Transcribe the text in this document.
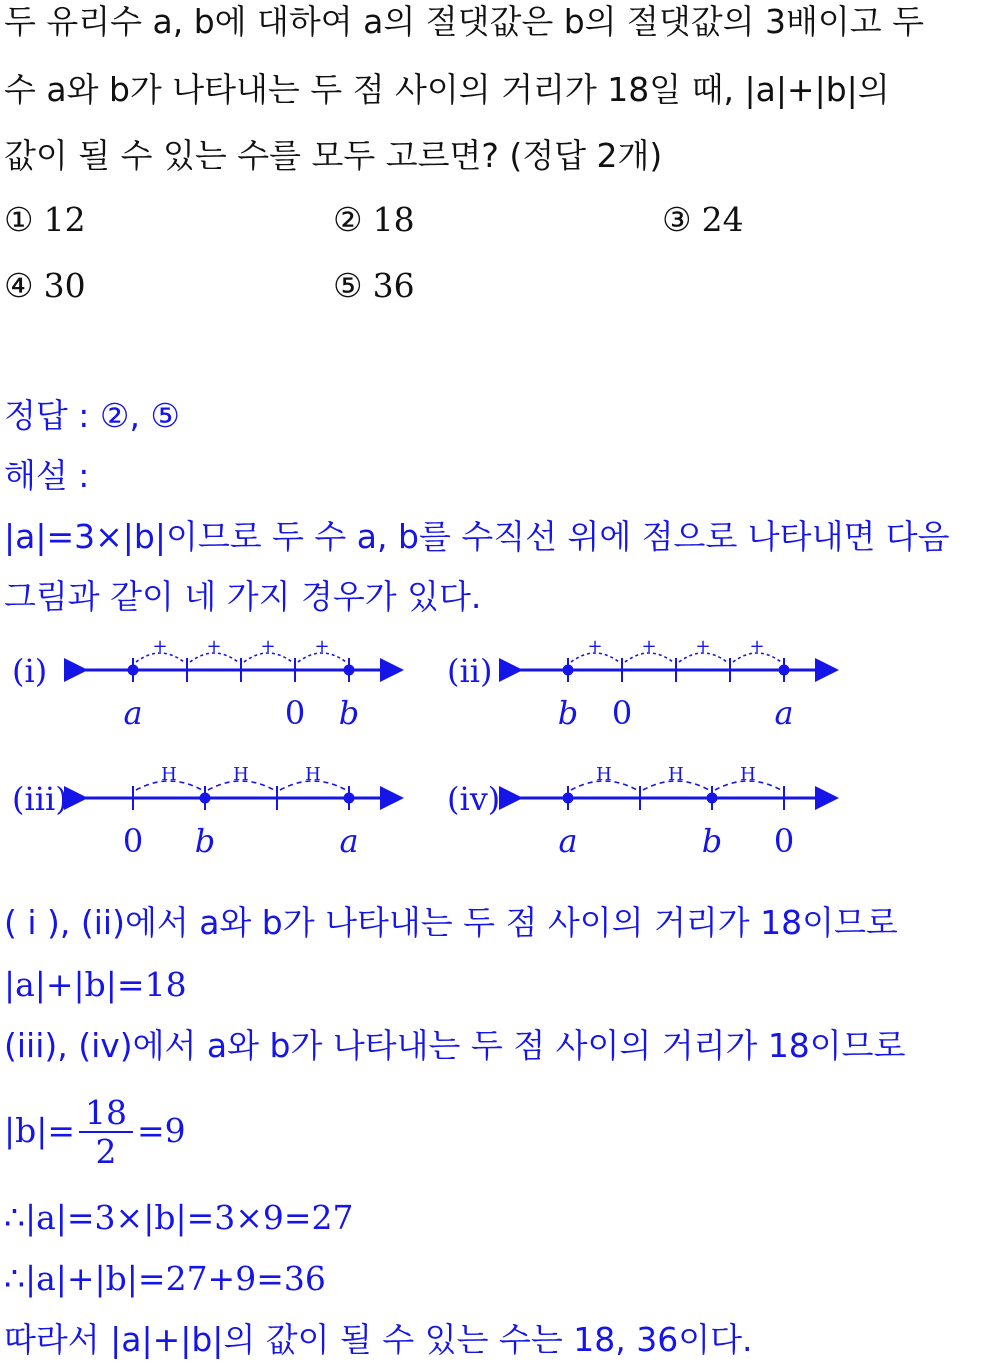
두 유리수 a, b에 대하여 a의 절댓값은 b의 절댓값의 3배이고 두
수 a와 b가 나타내는 두 점 사이의 거리가 18일 때, |a|+|b|의
값이 될 수 있는 수를 모두 고르면? (정답 2개)
① 12	② 18	③ 24
④ 30	⑤ 36
정답 : ②, ⑤
해설 :
|a|=3×|b|이므로 두 수 a, b를 수직선 위에 점으로 나타내면 다음
그림과 같이 네 가지 경우가 있다.
(i)
+ + + +
a	0 b
(ii)
+ + + +
b 0	a
(iii)
H	H	H
0 b	a
(iv)
H	H	H
a	b 0
( i ), (ii)에서 a와 b가 나타내는 두 점 사이의 거리가 18이므로
|a|+|b|=18
(iii), (iv)에서 a와 b가 나타내는 두 점 사이의 거리가 18이므로
$|b|= \frac{18}{2} =9$
∴|a|=3×|b|=3×9=27
∴|a|+|b|=27+9=36
따라서 |a|+|b|의 값이 될 수 있는 수는 18, 36이다.
